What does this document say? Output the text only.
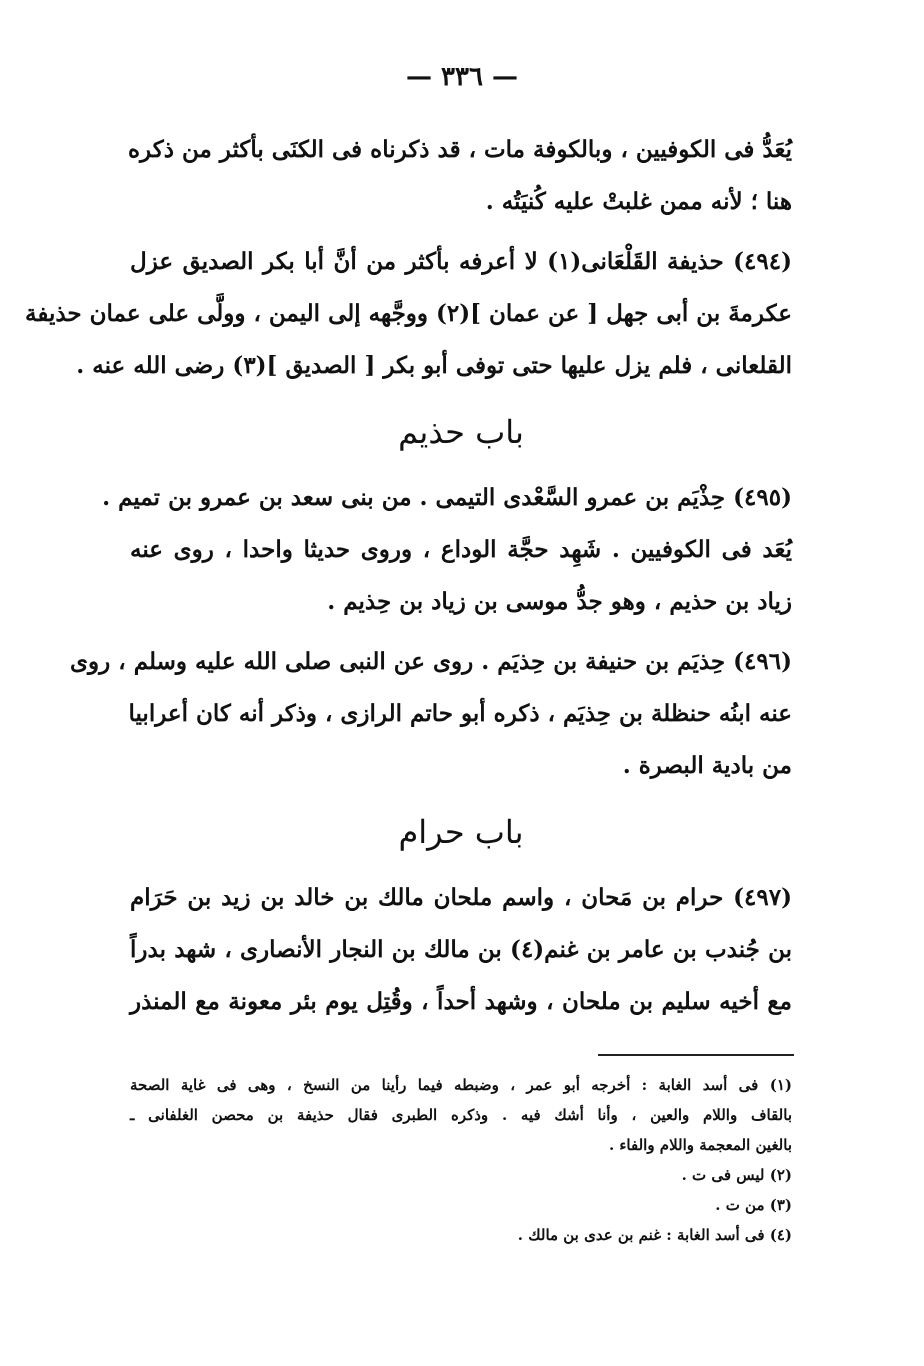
— ٣٣٦ —
يُعَدُّ فى الكوفيين ، وبالكوفة مات ، قد ذكرناه فى الكنَى بأكثر من ذكره
هنا ؛ لأنه ممن غلبتْ عليه كُنيَتُه .
(٤٩٤) حذيفة القَلْعَانى(١) لا أعرفه بأكثر من أنَّ أبا بكر الصديق عزل
عكرمةَ بن أبى جهل [ عن عمان ](٢) ووجَّهه إلى اليمن ، وولَّى على عمان حذيفة
القلعانى ، فلم يزل عليها حتى توفى أبو بكر [ الصديق ](٣) رضى الله عنه .
باب حذيم
(٤٩٥) حِذْيَم بن عمرو السَّعْدى التيمى . من بنى سعد بن عمرو بن تميم .
يُعَد فى الكوفيين . شَهِد حجَّة الوداع ، وروى حديثا واحدا ، روى عنه
زياد بن حذيم ، وهو جدُّ موسى بن زياد بن حِذيم .
(٤٩٦) حِذيَم بن حنيفة بن حِذيَم . روى عن النبى صلى الله عليه وسلم ، روى
عنه ابنُه حنظلة بن حِذيَم ، ذكره أبو حاتم الرازى ، وذكر أنه كان أعرابيا
من بادية البصرة .
باب حرام
(٤٩٧) حرام بن مَحان ، واسم ملحان مالك بن خالد بن زيد بن حَرَام
بن جُندب بن عامر بن غنم(٤) بن مالك بن النجار الأنصارى ، شهد بدراً
مع أخيه سليم بن ملحان ، وشهد أحداً ، وقُتِل يوم بئر معونة مع المنذر
(١) فى أسد الغابة : أخرجه أبو عمر ، وضبطه فيما رأينا من النسخ ، وهى فى غاية الصحة
بالقاف واللام والعين ، وأنا أشك فيه . وذكره الطبرى فقال حذيفة بن محصن الغلفانى ـ
بالغين المعجمة واللام والفاء .
(٢) ليس فى ت .
(٣) من ت .
(٤) فى أسد الغابة : غنم بن عدى بن مالك .
